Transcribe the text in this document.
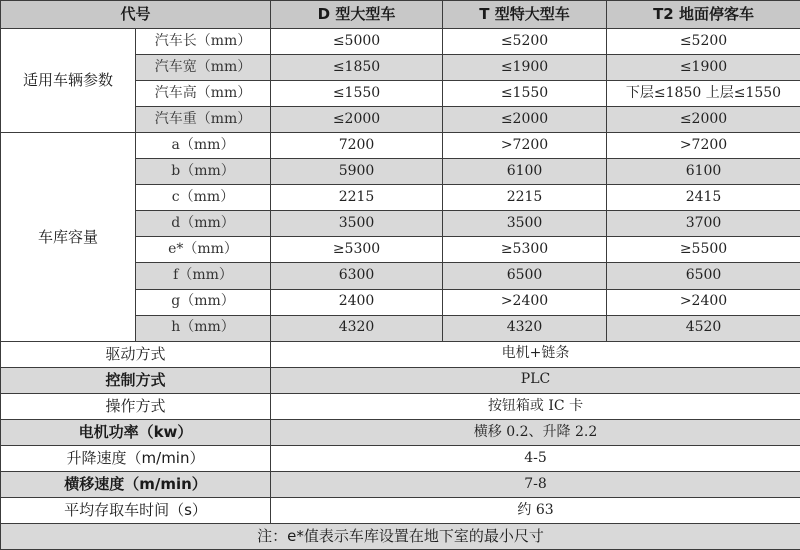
代号		D 型大型车	T 型特大型车	T2 地面停客车
适用车辆参数	汽车长（mm）	≤5000	≤5200	≤5200
	汽车宽（mm）	≤1850	≤1900	≤1900
	汽车高（mm）	≤1550	≤1550	下层≤1850 上层≤1550
	汽车重（mm）	≤2000	≤2000	≤2000
车库容量	a（mm）	7200	>7200	>7200
	b（mm）	5900	6100	6100
	c（mm）	2215	2215	2415
	d（mm）	3500	3500	3700
	e*（mm）	≥5300	≥5300	≥5500
	f（mm）	6300	6500	6500
	g（mm）	2400	>2400	>2400
	h（mm）	4320	4320	4520
驱动方式		电机+链条		
控制方式		PLC		
操作方式		按钮箱或 IC 卡		
电机功率（kw）		横移 0.2、升降 2.2		
升降速度（m/min）		4-5		
横移速度（m/min）		7-8		
平均存取车时间（s）		约 63		
注：e*值表示车库设置在地下室的最小尺寸				
